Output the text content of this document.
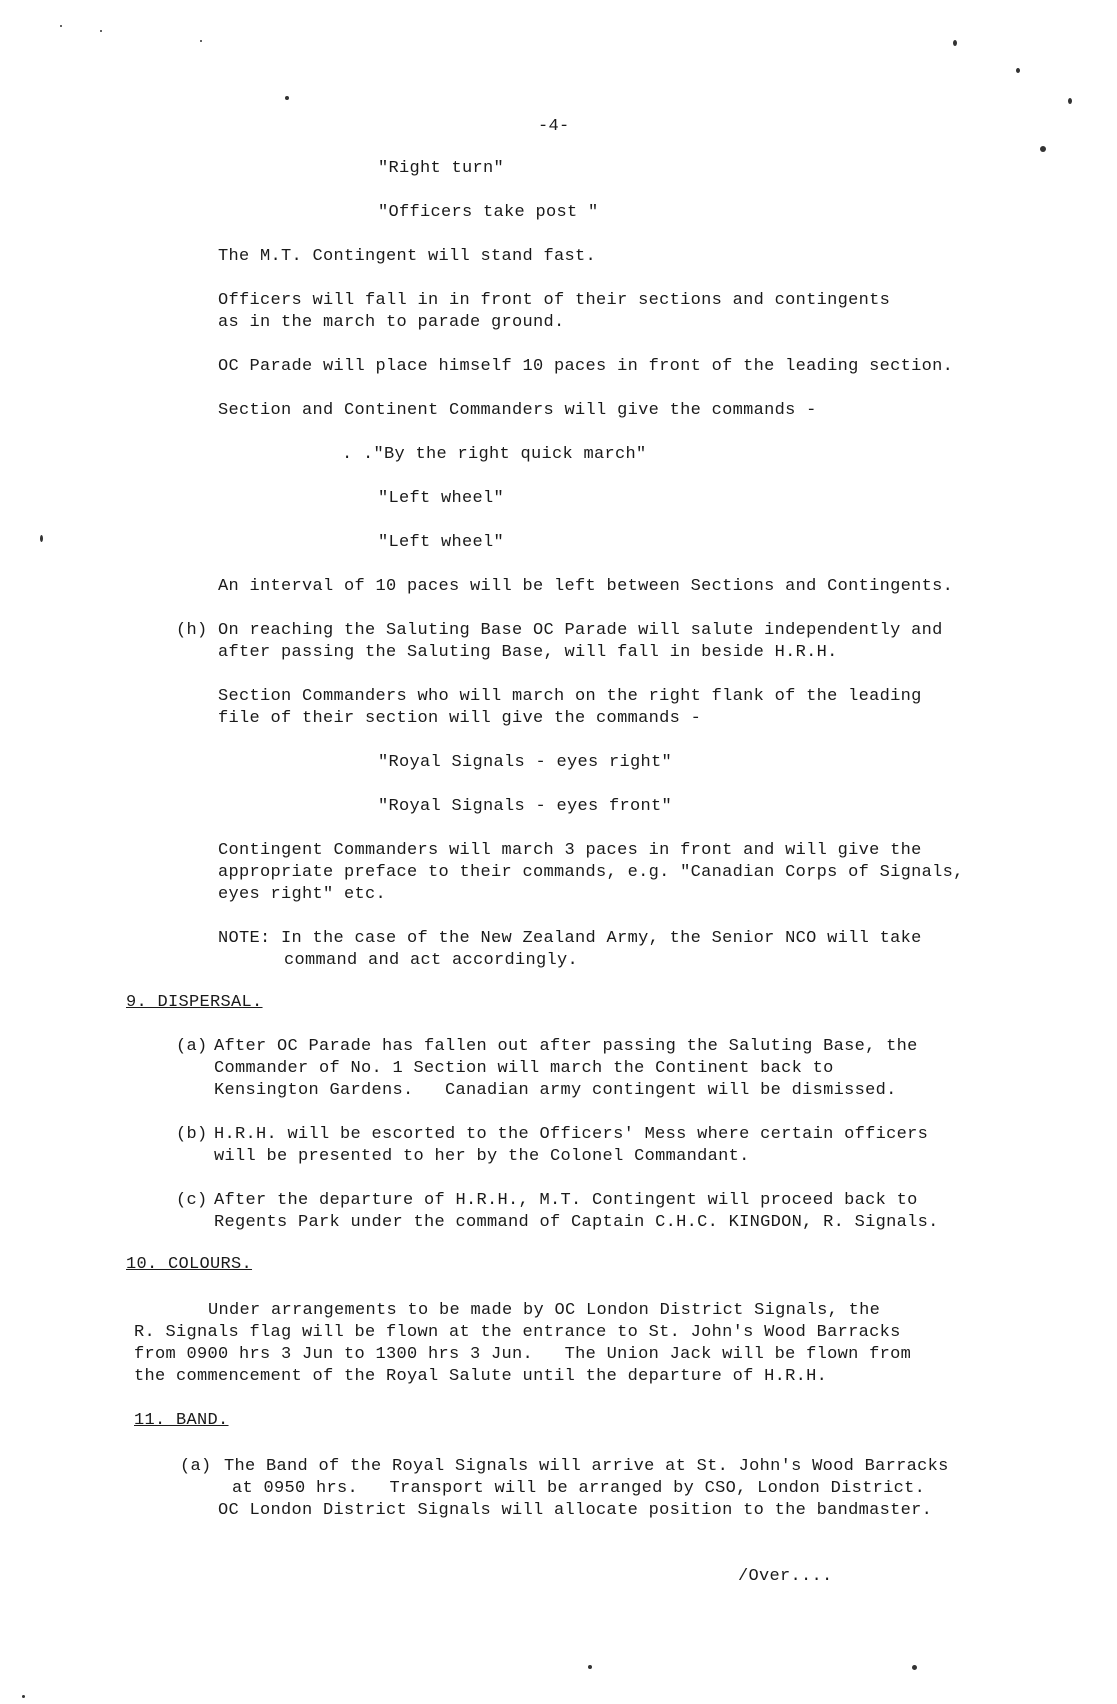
-4-
"Right turn"
"Officers take post "
The M.T. Contingent will stand fast.
Officers will fall in in front of their sections and contingents
as in the march to parade ground.
OC Parade will place himself 10 paces in front of the leading section.
Section and Continent Commanders will give the commands -
. ."By the right quick march"
"Left wheel"
"Left wheel"
An interval of 10 paces will be left between Sections and Contingents.
(h) On reaching the Saluting Base OC Parade will salute independently and
after passing the Saluting Base, will fall in beside H.R.H.
Section Commanders who will march on the right flank of the leading
file of their section will give the commands -
"Royal Signals - eyes right"
"Royal Signals - eyes front"
Contingent Commanders will march 3 paces in front and will give the
appropriate preface to their commands, e.g. "Canadian Corps of Signals,
eyes right" etc.
NOTE: In the case of the New Zealand Army, the Senior NCO will take
command and act accordingly.
9. DISPERSAL.
(a) After OC Parade has fallen out after passing the Saluting Base, the
Commander of No. 1 Section will march the Continent back to
Kensington Gardens.   Canadian army contingent will be dismissed.
(b) H.R.H. will be escorted to the Officers' Mess where certain officers
will be presented to her by the Colonel Commandant.
(c) After the departure of H.R.H., M.T. Contingent will proceed back to
Regents Park under the command of Captain C.H.C. KINGDON, R. Signals.
10. COLOURS.
Under arrangements to be made by OC London District Signals, the
R. Signals flag will be flown at the entrance to St. John's Wood Barracks
from 0900 hrs 3 Jun to 1300 hrs 3 Jun.   The Union Jack will be flown from
the commencement of the Royal Salute until the departure of H.R.H.
11. BAND.
(a) The Band of the Royal Signals will arrive at St. John's Wood Barracks
at 0950 hrs.   Transport will be arranged by CSO, London District.
OC London District Signals will allocate position to the bandmaster.
/Over....
